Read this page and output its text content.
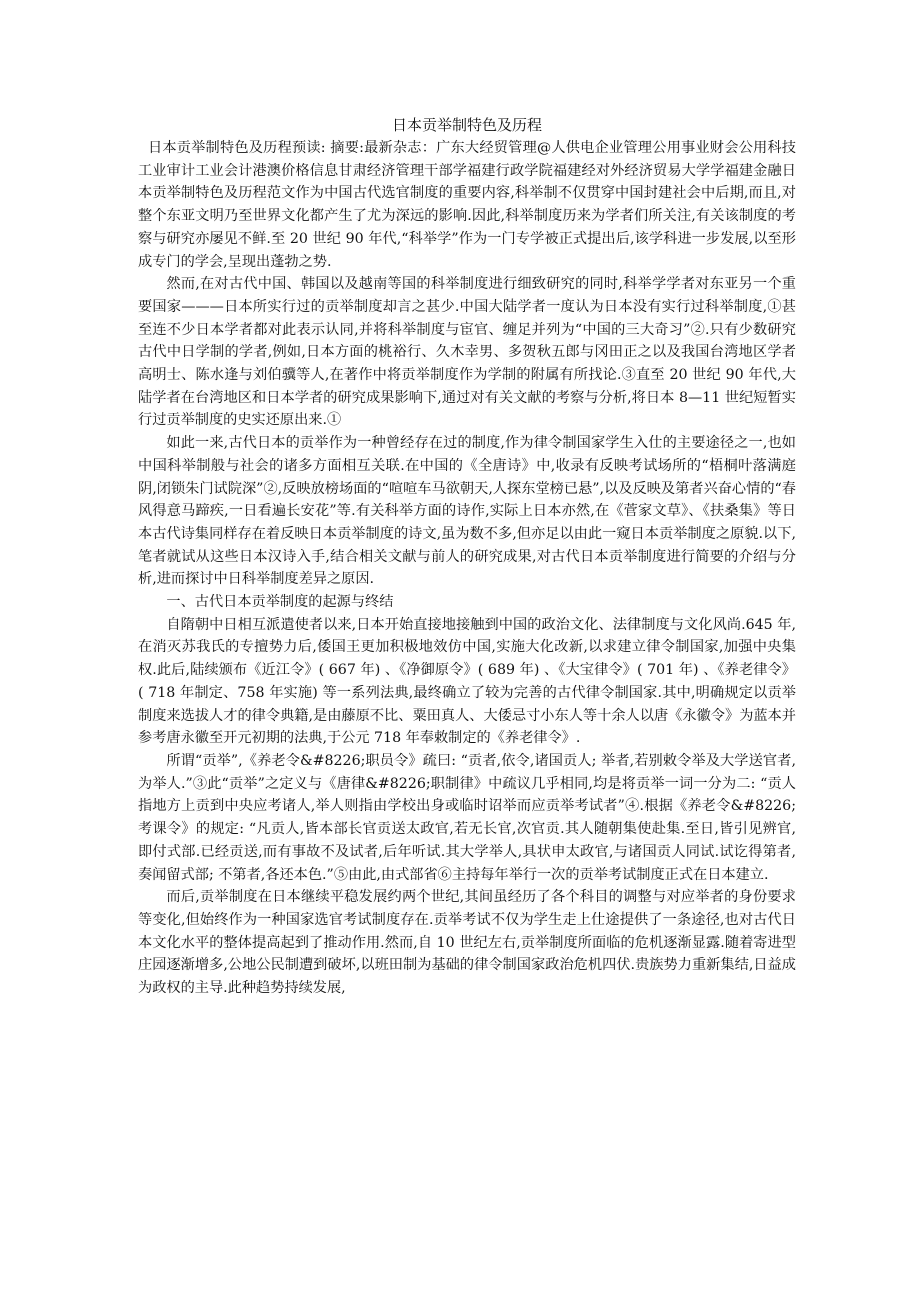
日本贡举制特色及历程

日本贡举制特色及历程预读: 摘要:最新杂志：广东大经贸管理@人供电企业管理公用事业财会公用科技工业审计工业会计港澳价格信息甘肃经济管理干部学福建行政学院福建经对外经济贸易大学学福建金融日本贡举制特色及历程范文作为中国古代选官制度的重要内容,科举制不仅贯穿中国封建社会中后期,而且,对整个东亚文明乃至世界文化都产生了尤为深远的影响.因此,科举制度历来为学者们所关注,有关该制度的考察与研究亦屡见不鲜.至 20 世纪 90 年代,“科举学”作为一门专学被正式提出后,该学科进一步发展,以至形成专门的学会,呈现出蓬勃之势.

然而,在对古代中国、韩国以及越南等国的科举制度进行细致研究的同时,科举学学者对东亚另一个重要国家———日本所实行过的贡举制度却言之甚少.中国大陆学者一度认为日本没有实行过科举制度,①甚至连不少日本学者都对此表示认同,并将科举制度与宦官、缠足并列为“中国的三大奇习”②.只有少数研究古代中日学制的学者,例如,日本方面的桃裕行、久木幸男、多贺秋五郎与冈田正之以及我国台湾地区学者高明士、陈水逢与刘伯骥等人,在著作中将贡举制度作为学制的附属有所找论.③直至 20 世纪 90 年代,大陆学者在台湾地区和日本学者的研究成果影响下,通过对有关文献的考察与分析,将日本 8—11 世纪短暂实行过贡举制度的史实还原出来.①

如此一来,古代日本的贡举作为一种曾经存在过的制度,作为律令制国家学生入仕的主要途径之一,也如中国科举制般与社会的诸多方面相互关联.在中国的《全唐诗》中,收录有反映考试场所的“梧桐叶落满庭阴,闭锁朱门试院深”②,反映放榜场面的“喧喧车马欲朝天,人探东堂榜已悬”,以及反映及第者兴奋心情的“春风得意马蹄疾,一日看遍长安花”等.有关科举方面的诗作,实际上日本亦然,在《菅家文草》、《扶桑集》等日本古代诗集同样存在着反映日本贡举制度的诗文,虽为数不多,但亦足以由此一窥日本贡举制度之原貌.以下,笔者就试从这些日本汉诗入手,结合相关文献与前人的研究成果,对古代日本贡举制度进行简要的介绍与分析,进而探讨中日科举制度差异之原因.

一、古代日本贡举制度的起源与终结

自隋朝中日相互派遣使者以来,日本开始直接地接触到中国的政治文化、法律制度与文化风尚.645 年,在消灭苏我氏的专擅势力后,倭国王更加积极地效仿中国,实施大化改新,以求建立律令制国家,加强中央集权.此后,陆续颁布《近江令》( 667 年) 、《净御原令》( 689 年) 、《大宝律令》( 701 年) 、《养老律令》( 718 年制定、758 年实施) 等一系列法典,最终确立了较为完善的古代律令制国家.其中,明确规定以贡举制度来选拔人才的律令典籍,是由藤原不比、粟田真人、大倭忌寸小东人等十余人以唐《永徽令》为蓝本并参考唐永徽至开元初期的法典,于公元 718 年奉敕制定的《养老律令》.

所谓“贡举”,《养老令&#8226;职员令》疏曰: “贡者,依令,诸国贡人; 举者,若别敕令举及大学送官者,为举人.”③此“贡举”之定义与《唐律&#8226;职制律》中疏议几乎相同,均是将贡举一词一分为二: “贡人指地方上贡到中央应考诸人,举人则指由学校出身或临时诏举而应贡举考试者”④.根据《养老令&#8226;考课令》的规定: “凡贡人,皆本部长官贡送太政官,若无长官,次官贡.其人随朝集使赴集.至日,皆引见辨官,即付式部.已经贡送,而有事故不及试者,后年听试.其大学举人,具状申太政官,与诸国贡人同试.试讫得第者,奏闻留式部; 不第者,各还本色.”⑤由此,由式部省⑥主持每年举行一次的贡举考试制度正式在日本建立.

而后,贡举制度在日本继续平稳发展约两个世纪,其间虽经历了各个科目的调整与对应举者的身份要求等变化,但始终作为一种国家选官考试制度存在.贡举考试不仅为学生走上仕途提供了一条途径,也对古代日本文化水平的整体提高起到了推动作用.然而,自 10 世纪左右,贡举制度所面临的危机逐渐显露.随着寄进型庄园逐渐增多,公地公民制遭到破坏,以班田制为基础的律令制国家政治危机四伏.贵族势力重新集结,日益成为政权的主导.此种趋势持续发展,
